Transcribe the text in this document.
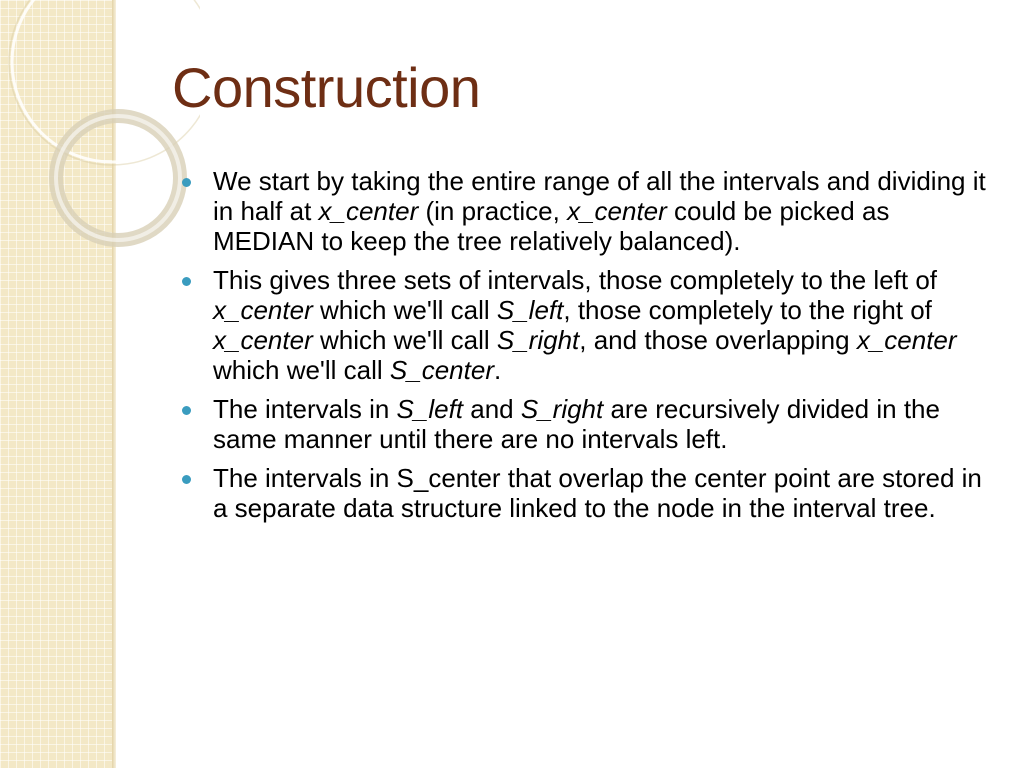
Construction
We start by taking the entire range of all the intervals and dividing it in half at x_center (in practice, x_center could be picked as MEDIAN to keep the tree relatively balanced).
This gives three sets of intervals, those completely to the left of x_center which we'll call S_left, those completely to the right of x_center which we'll call S_right, and those overlapping x_center which we'll call S_center.
The intervals in S_left and S_right are recursively divided in the same manner until there are no intervals left.
The intervals in S_center that overlap the center point are stored in a separate data structure linked to the node in the interval tree.
